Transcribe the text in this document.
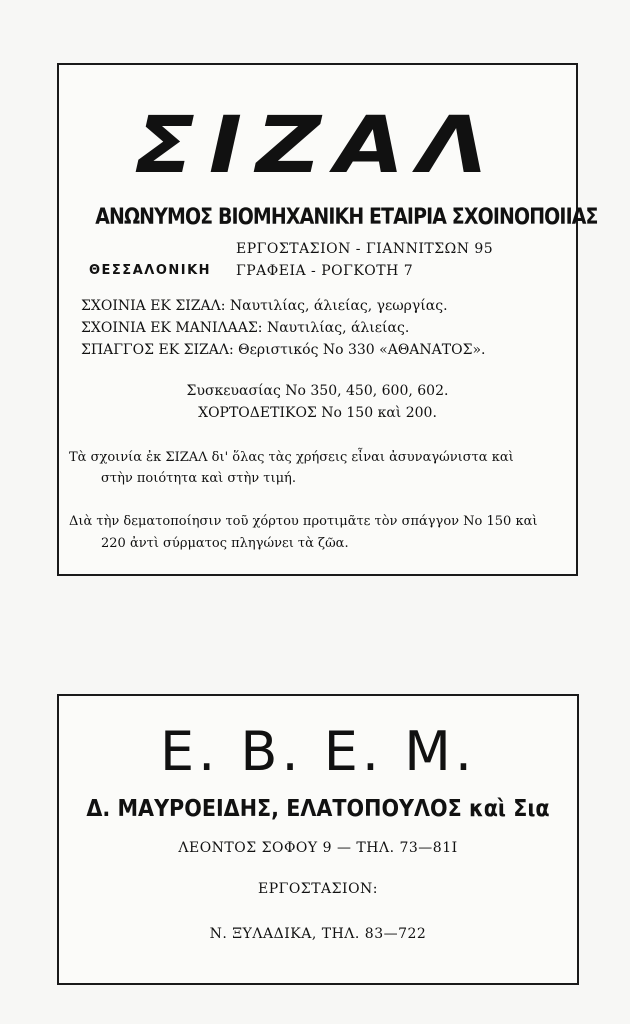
ΣΙΖΑΛ
ΑΝΩΝΥΜΟΣ ΒΙΟΜΗΧΑΝΙΚΗ ΕΤΑΙΡΙΑ ΣΧΟΙΝΟΠΟΙΙΑΣ
ΘΕΣΣΑΛΟΝΙΚΗ
ΕΡΓΟΣΤΑΣΙΟΝ - ΓΙΑΝΝΙΤΣΩΝ 95
ΓΡΑΦΕΙΑ - ΡΟΓΚΟΤΗ 7
ΣΧΟΙΝΙΑ ΕΚ ΣΙΖΑΛ: Ναυτιλίας, άλιείας, γεωργίας.
ΣΧΟΙΝΙΑ ΕΚ ΜΑΝΙΛΑΑΣ: Ναυτιλίας, άλιείας.
ΣΠΑΓΓΟΣ ΕΚ ΣΙΖΑΛ: Θεριστικός Νο 330 «ΑΘΑΝΑΤΟΣ».
Συσκευασίας Νο 350, 450, 600, 602.
ΧΟΡΤΟΔΕΤΙΚΟΣ Νο 150 καὶ 200.
Τὰ σχοινία ἐκ ΣΙΖΑΛ δι' ὅλας τὰς χρήσεις εἶναι ἀσυναγώνιστα καὶ
στὴν ποιότητα καὶ στὴν τιμή.
Διὰ τὴν δεματοποίησιν τοῦ χόρτου προτιμᾶτε τὸν σπάγγον Νο 150 καὶ
220 ἀντὶ σύρματος πληγώνει τὰ ζῶα.
Ε. Β. Ε. Μ.
Δ. ΜΑΥΡΟΕΙΔΗΣ, ΕΛΑΤΟΠΟΥΛΟΣ καὶ Σια
ΛΕΟΝΤΟΣ ΣΟΦΟΥ 9 — ΤΗΛ. 73—81Ι
ΕΡΓΟΣΤΑΣΙΟΝ:
Ν. ΞΥΛΑΔΙΚΑ, ΤΗΛ. 83—722
